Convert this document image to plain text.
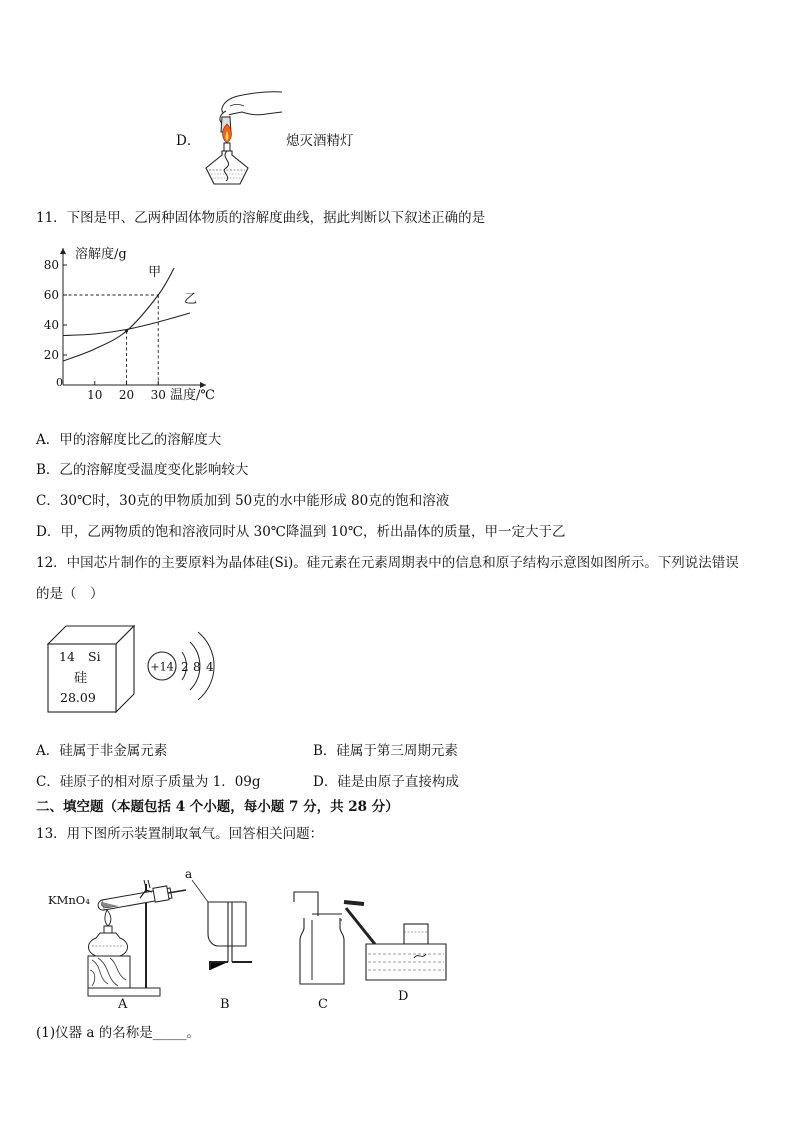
D．	熄灭酒精灯
11．下图是甲、乙两种固体物质的溶解度曲线，据此判断以下叙述正确的是
10 20 30
20
40
60
80
溶解度/g
温度/℃
0
甲
乙
A．甲的溶解度比乙的溶解度大
B．乙的溶解度受温度变化影响较大
C．30℃时，30克的甲物质加到 50克的水中能形成 80克的饱和溶液
D．甲，乙两物质的饱和溶液同时从 30℃降温到 10℃，析出晶体的质量，甲一定大于乙
12．中国芯片制作的主要原料为晶体硅(Si)。硅元素在元素周期表中的信息和原子结构示意图如图所示。下列说法错误
的是（　）
14 Si
硅
28.09
+14 2 8 4
A．硅属于非金属元素	B．硅属于第三周期元素
C．硅原子的相对原子质量为 1．09g	D．硅是由原子直接构成
二、填空题（本题包括 4 个小题，每小题 7 分，共 28 分）
13．用下图所示装置制取氧气。回答相关问题：
KMnO₄
A
a
B	C
D
(1)仪器 a 的名称是_____。
